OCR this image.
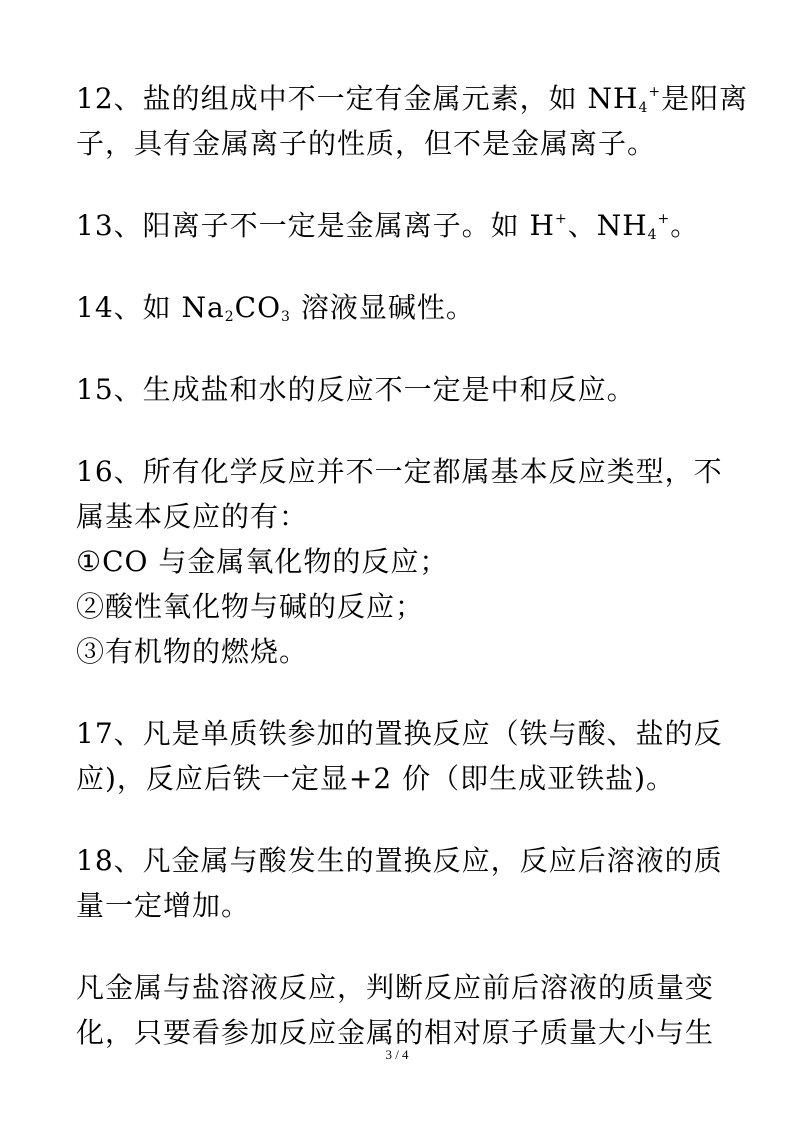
12、盐的组成中不一定有金属元素，如 $NH_4^+$是阳离
子，具有金属离子的性质，但不是金属离子。
13、阳离子不一定是金属离子。如 H+、$NH_4^+$。
14、如 $Na_2CO_3$ 溶液显碱性。
15、生成盐和水的反应不一定是中和反应。
16、所有化学反应并不一定都属基本反应类型，不
属基本反应的有：
①CO 与金属氧化物的反应；
②酸性氧化物与碱的反应；
③有机物的燃烧。
17、凡是单质铁参加的置换反应（铁与酸、盐的反
应)，反应后铁一定显+2 价（即生成亚铁盐)。
18、凡金属与酸发生的置换反应，反应后溶液的质
量一定增加。
凡金属与盐溶液反应，判断反应前后溶液的质量变
化，只要看参加反应金属的相对原子质量大小与生
3 / 4
